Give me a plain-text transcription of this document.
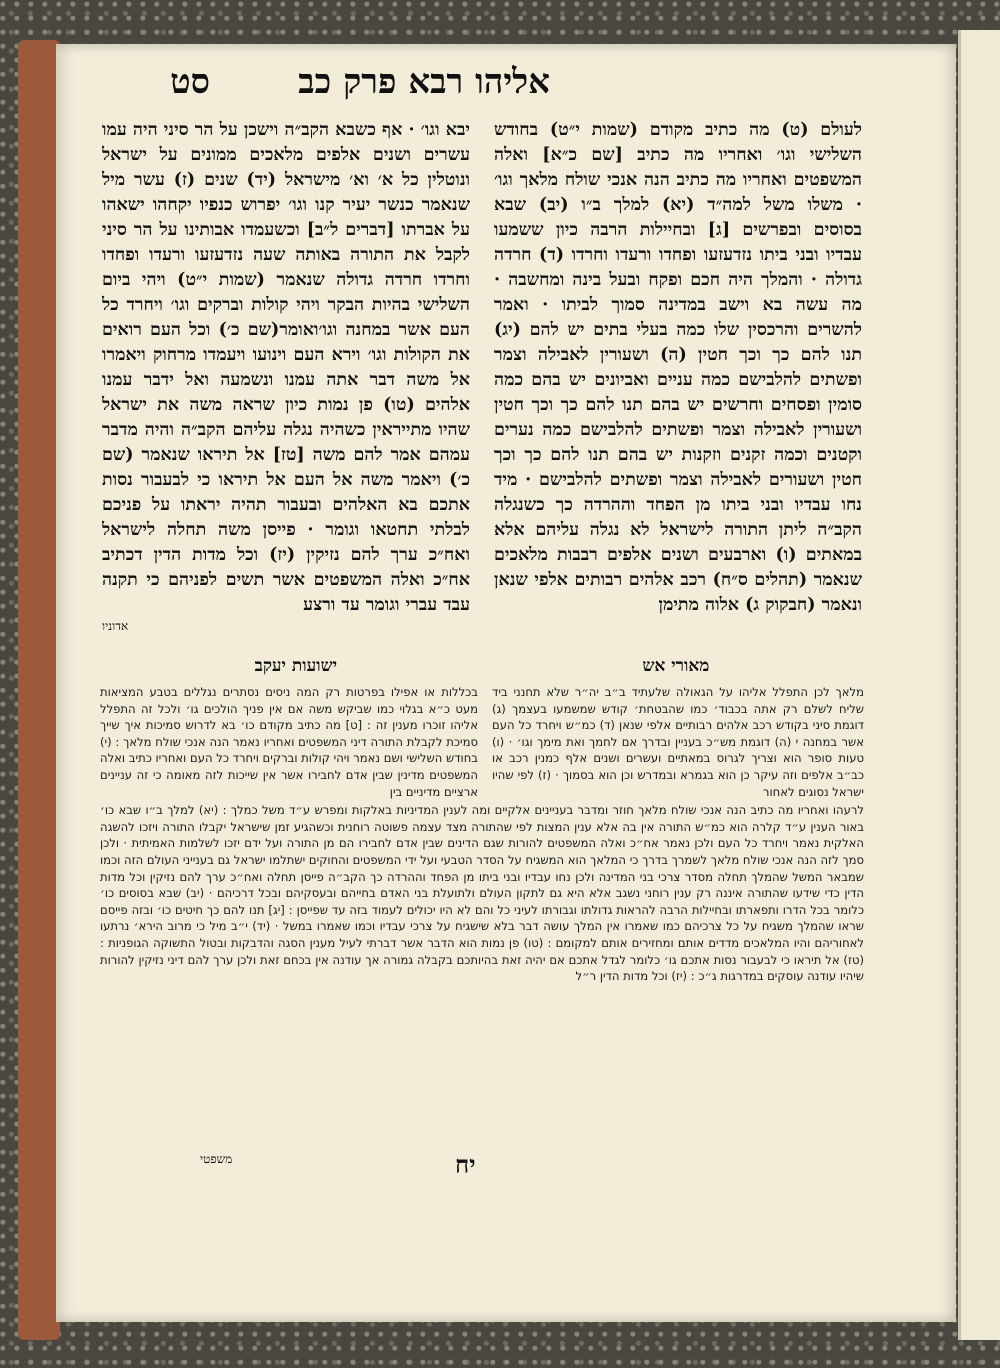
אליהו רבא פרק כב
סט
לעולם (ט) מה כתיב מקודם (שמות י״ט) בחודש השלישי וגו׳ ואחריו מה כתיב [שם כ״א] ואלה המשפטים ואחריו מה כתיב הנה אנכי שולח מלאך וגו׳ · משלו משל למה״ד (יא) למלך ב״ו (יב) שבא בסוסים ובפרשים [ג] ובחיילות הרבה כיון ששמעו עבדיו ובני ביתו נזדעזעו ופחדו ורעדו וחרדו (ד) חרדה גדולה · והמלך היה חכם ופקח ובעל בינה ומחשבה · מה עשה בא וישב במדינה סמוך לביתו · ואמר להשרים והרכסין שלו כמה בעלי בתים יש להם (יג) תנו להם כך וכך חטין (ה) ושעורין לאבילה וצמר ופשתים להלבישם כמה עניים ואביונים יש בהם כמה סומין ופסחים וחרשים יש בהם תנו להם כך וכך חטין ושעורין לאבילה וצמר ופשתים להלבישם כמה נערים וקטנים וכמה זקנים וזקנות יש בהם תנו להם כך וכך חטין ושעורים לאבילה וצמר ופשתים להלבישם · מיד נחו עבדיו ובני ביתו מן הפחד וההרדה כך כשנגלה הקב״ה ליתן התורה לישראל לא נגלה עליהם אלא במאתים (ו) וארבעים ושנים אלפים רבבות מלאכים שנאמר (תהלים ס״ח) רכב אלהים רבותים אלפי שנאן ונאמר (חבקוק ג) אלוה מתימן
יבא וגו׳ · אף כשבא הקב״ה וישכן על הר סיני היה עמו עשרים ושנים אלפים מלאכים ממונים על ישראל ונוטלין כל א׳ וא׳ מישראל (יד) שנים (ז) עשר מיל שנאמר כנשר יעיר קנו וגו׳ יפרוש כנפיו יקחהו ישאהו על אברתו [דברים ל״ב] וכשעמדו אבותינו על הר סיני לקבל את התורה באותה שעה נזדעזעו ורעדו ופחדו וחרדו חרדה גדולה שנאמר (שמות י״ט) ויהי ביום השלישי בהיות הבקר ויהי קולות וברקים וגו׳ ויחרד כל העם אשר במחנה וגו׳ואומר(שם כ׳) וכל העם רואים את הקולות וגו׳ וירא העם וינועו ויעמדו מרחוק ויאמרו אל משה דבר אתה עמנו ונשמעה ואל ידבר עמנו אלהים (טו) פן נמות כיון שראה משה את ישראל שהיו מתייראין כשהיה נגלה עליהם הקב״ה והיה מדבר עמהם אמר להם משה [טז] אל תיראו שנאמר (שם כ׳) ויאמר משה אל העם אל תיראו כי לבעבור נסות אתכם בא האלהים ובעבור תהיה יראתו על פניכם לבלתי תחטאו וגומר · פייסן משה תחלה לישראל ואח״כ ערך להם נזיקין (יז) וכל מדות הדין דכתיב אח״כ ואלה המשפטים אשר תשים לפניהם כי תקנה עבד עברי וגומר עד ורצע

אדוניו
ישועות יעקב	מאורי אש

מלאך לכן התפלל אליהו על הגאולה שלעתיד ב״ב יה״ר שלא תחנני ביד שליח לשלם רק אתה בכבוד׳ כמו שהבטחת׳ קודש שמשמעו בעצמך (ג) דוגמת סיני בקודש רכב אלהים רבותיים אלפי שנאן (ד) כמ״ש ויחרד כל העם אשר במחנה י (ה) דוגמת מש״כ בעניין ובדרך אם לחמך ואת מימך וגו׳ · (ו) טעות סופר הוא וצריך לגרוס במאתיים ועשרים ושנים אלף כמנין רכב או כב״ב אלפים וזה עיקר כן הוא בגמרא ובמדרש וכן הוא בסמוך · (ז) לפי שהיו ישראל נסוגים לאחור

בכללות או אפילו בפרטות רק המה ניסים נסתרים נגללים בטבע המציאות מעט כ״א בגלוי כמו שביקש משה אם אין פניך הולכים גו׳ ולכל זה התפלל אליהו זוכרו מענין זה : [ט] מה כתיב מקודם כו׳ בא לדרוש סמיכות איך שייך סמיכת לקבלת התורה דיני המשפטים ואחריו נאמר הנה אנכי שולח מלאך : (י) בחודש השלישי ושם נאמר ויהי קולות וברקים ויחרד כל העם ואחריו כתיב ואלה המשפטים מדינין שבין אדם לחבירו אשר אין שייכות לזה מאומה כי זה עניינים ארציים מדיניים בין

לרעהו ואחריו מה כתיב הנה אנכי שולח מלאך חוזר ומדבר בעניינים אלקיים ומה לענין המדיניות באלקות ומפרש ע״ד משל כמלך : (יא) למלך ב״ו שבא כו׳ באור הענין ע״ד קלרה הוא כמ״ש התורה אין בה אלא ענין המצות לפי שהתורה מצד עצמה פשוטה רוחנית וכשהגיע זמן שישראל יקבלו התורה ויזכו להשגה האלקית נאמר ויחרד כל העם ולכן נאמר אח״כ ואלה המשפטים להורות שגם הדינים שבין אדם לחבירו הם מן התורה ועל ידם יזכו לשלמות האמיתית · ולכן סמך לזה הנה אנכי שולח מלאך לשמרך בדרך כי המלאך הוא המשגיח על הסדר הטבעי ועל ידי המשפטים והחוקים ישתלמו ישראל גם בענייני העולם הזה וכמו שמבאר המשל שהמלך תחלה מסדר צרכי בני המדינה ולכן נחו עבדיו ובני ביתו מן הפחד וההרדה כך הקב״ה פייסן תחלה ואח״כ ערך להם נזיקין וכל מדות הדין כדי שידעו שהתורה איננה רק ענין רוחני נשגב אלא היא גם לתקון העולם ולתועלת בני האדם בחייהם ובעסקיהם ובכל דרכיהם · (יב) שבא בסוסים כו׳ כלומר בכל הדרו ותפארתו ובחיילות הרבה להראות גדולתו וגבורתו לעיני כל והם לא היו יכולים לעמוד בזה עד שפייסן : [יג] תנו להם כך חיטים כו׳ ובזה פייסם שראו שהמלך משגיח על כל צרכיהם כמו שאמרו אין המלך עושה דבר בלא שישגיח על צרכי עבדיו וכמו שאמרו במשל · (יד) י״ב מיל כי מרוב הירא׳ נרתעו לאחוריהם והיו המלאכים מדדים אותם ומחזירים אותם למקומם : (טו) פן נמות הוא הדבר אשר דברתי לעיל מענין הסגה והדבקות ובטול התשוקה הגופניות : (טז) אל תיראו כי לבעבור נסות אתכם גו׳ כלומר לגדל אתכם אם יהיה זאת בהיותכם בקבלה גמורה אך עודנה אין בכחם זאת ולכן ערך להם דיני נזיקין להורות שיהיו עודנה עוסקים במדרגות ג״כ : (יז) וכל מדות הדין ר״ל

יח
משפטי
